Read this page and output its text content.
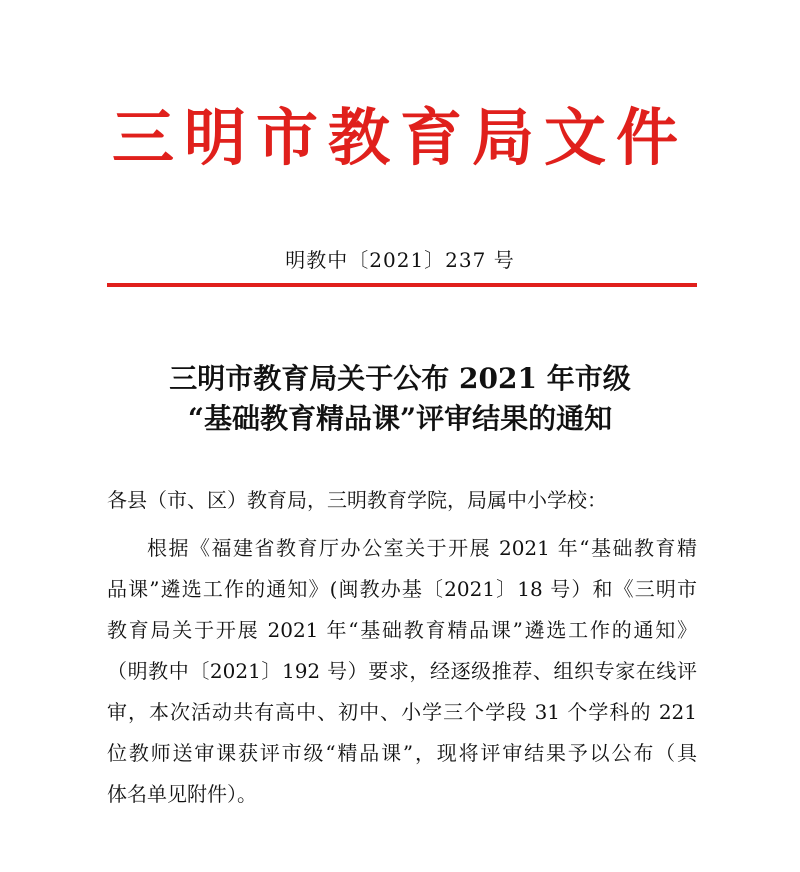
三明市教育局文件
明教中〔2021〕237 号
三明市教育局关于公布 2021 年市级
“基础教育精品课”评审结果的通知
各县（市、区）教育局，三明教育学院，局属中小学校：
根据《福建省教育厅办公室关于开展 2021 年“基础教育精
品课”遴选工作的通知》(闽教办基〔2021〕18 号）和《三明市
教育局关于开展 2021 年“基础教育精品课”遴选工作的通知》
（明教中〔2021〕192 号）要求，经逐级推荐、组织专家在线评
审，本次活动共有高中、初中、小学三个学段 31 个学科的 221
位教师送审课获评市级“精品课”，现将评审结果予以公布（具
体名单见附件）。
